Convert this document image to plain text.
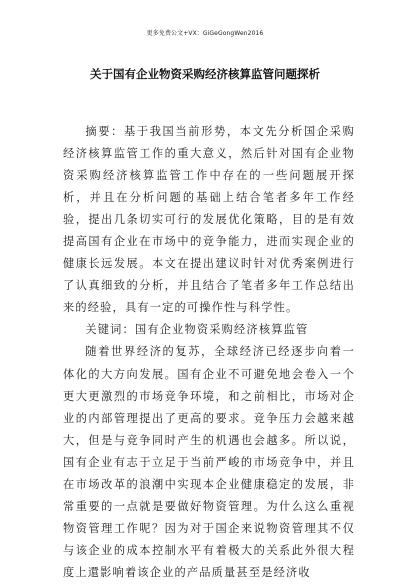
更多免费公文+VX：GiGeGongWen2016
关于国有企业物资采购经济核算监管问题探析

摘要：基于我国当前形势，本文先分析国企采购经济核算监管工作的重大意义，然后针对国有企业物资采购经济核算监管工作中存在的一些问题展开探析，并且在分析问题的基础上结合笔者多年工作经验，提出几条切实可行的发展优化策略，目的是有效提高国有企业在市场中的竞争能力，进而实现企业的健康长远发展。本文在提出建议时针对优秀案例进行了认真细致的分析，并且结合了笔者多年工作总结出来的经验，具有一定的可操作性与科学性。

关键词：国有企业物资采购经济核算监管

随着世界经济的复苏，全球经济已经逐步向着一体化的大方向发展。国有企业不可避免地会卷入一个更大更激烈的市场竞争环境，和之前相比，市场对企业的内部管理提出了更高的要求。竞争压力会越来越大，但是与竞争同时产生的机遇也会越多。所以说，国有企业有志于立足于当前严峻的市场竞争中，并且在市场改革的浪潮中实现本企业健康稳定的发展，非常重要的一点就是要做好物资管理。为什么这么重视物资管理工作呢？因为对于国企来说物资管理其不仅与该企业的成本控制水平有着极大的关系此外很大程度上還影响着该企业的产品质量甚至是经济收
